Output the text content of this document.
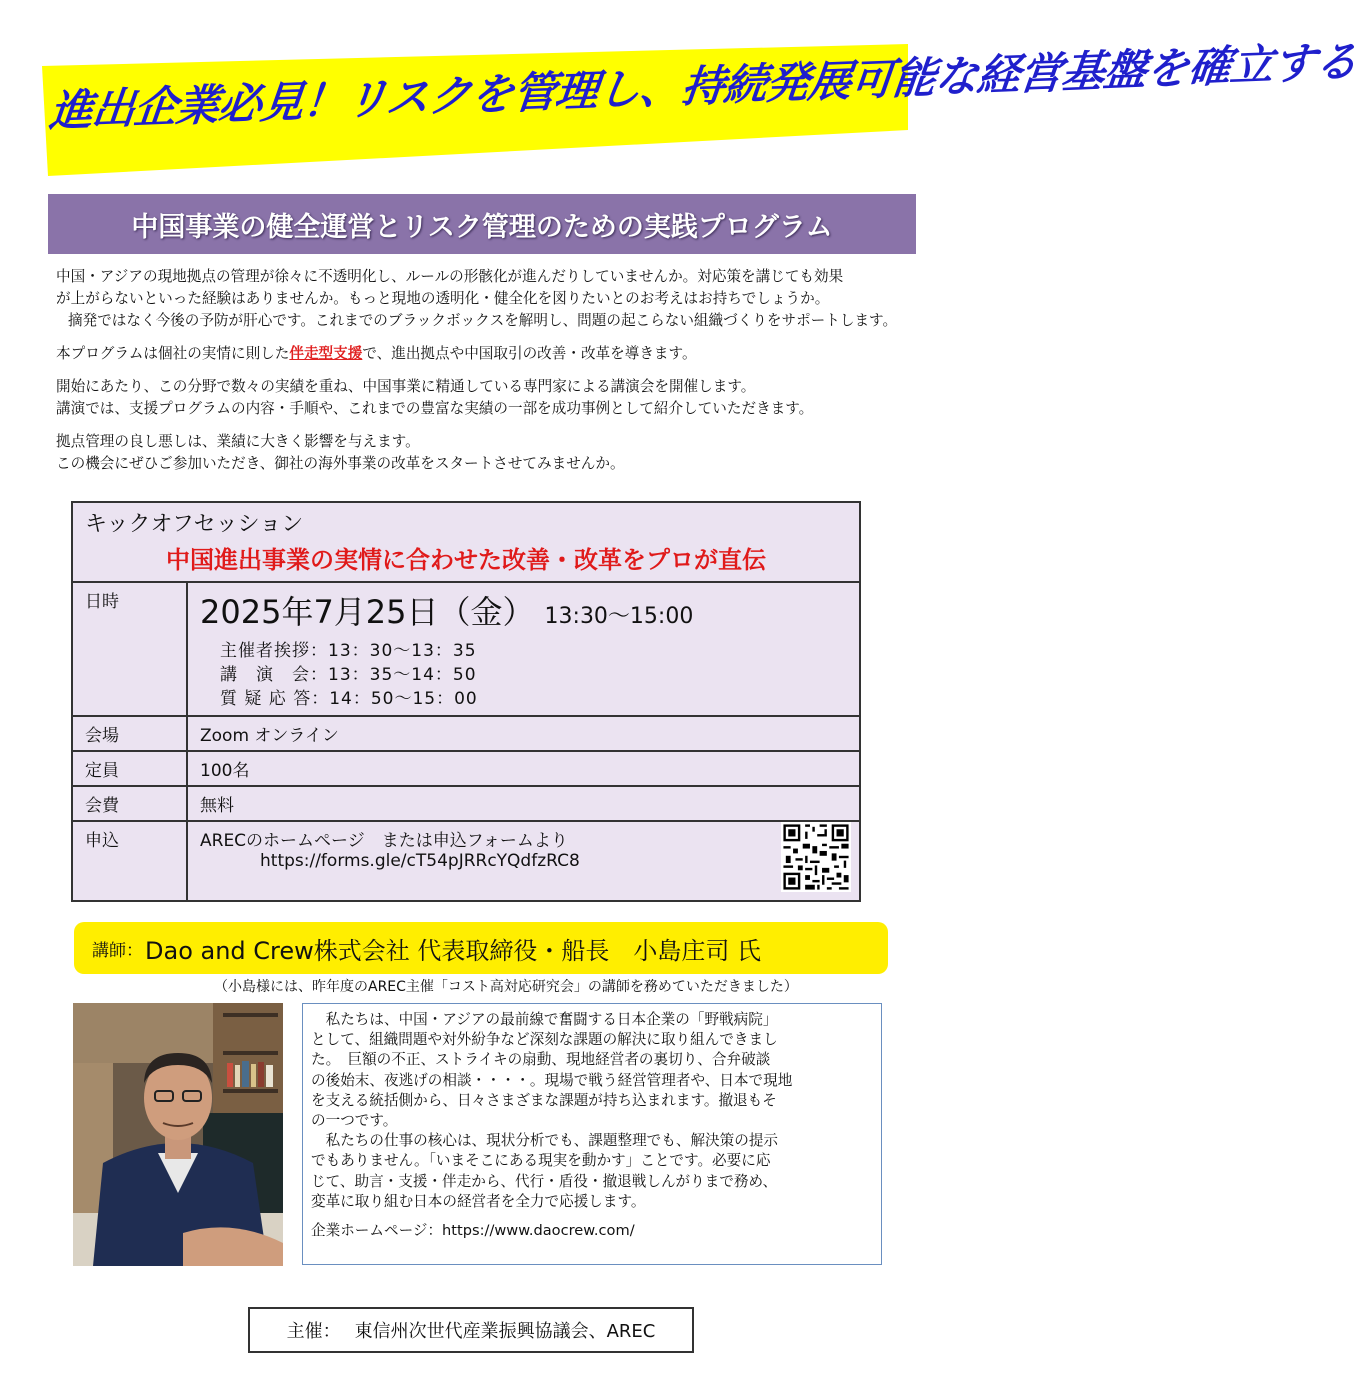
進出企業必見！リスクを管理し、持続発展可能な経営基盤を確立する
中国事業の健全運営とリスク管理のための実践プログラム

中国・アジアの現地拠点の管理が徐々に不透明化し、ルールの形骸化が進んだりしていませんか。対応策を講じても効果
が上がらないといった経験はありませんか。もっと現地の透明化・健全化を図りたいとのお考えはお持ちでしょうか。
摘発ではなく今後の予防が肝心です。これまでのブラックボックスを解明し、問題の起こらない組織づくりをサポートします。

本プログラムは個社の実情に則した伴走型支援で、進出拠点や中国取引の改善・改革を導きます。

開始にあたり、この分野で数々の実績を重ね、中国事業に精通している専門家による講演会を開催します。
講演では、支援プログラムの内容・手順や、これまでの豊富な実績の一部を成功事例として紹介していただきます。

拠点管理の良し悪しは、業績に大きく影響を与えます。
この機会にぜひご参加いただき、御社の海外事業の改革をスタートさせてみませんか。

キックオフセッション
中国進出事業の実情に合わせた改善・改革をプロが直伝	

日時	2025年7月25日（金） 13:30～15:00
主催者挨拶：13：30～13：35
講　演　会：13：35～14：50
質 疑 応 答：14：50～15：00

会場	Zoom オンライン
定員	100名
会費	無料
申込	ARECのホームページ　または申込フォームより
https://forms.gle/cT54pJRRcYQdfzRC8
講師： Dao and Crew株式会社 代表取締役・船長　小島庄司 氏
（小島様には、昨年度のAREC主催「コスト高対応研究会」の講師を務めていただきました）
　私たちは、中国・アジアの最前線で奮闘する日本企業の「野戦病院」
として、組織問題や対外紛争など深刻な課題の解決に取り組んできまし
た。　巨額の不正、ストライキの扇動、現地経営者の裏切り、合弁破談
の後始末、夜逃げの相談・・・・。現場で戦う経営管理者や、日本で現地
を支える統括側から、日々さまざまな課題が持ち込まれます。撤退もそ
の一つです。
　私たちの仕事の核心は、現状分析でも、課題整理でも、解決策の提示
でもありません。「いまそこにある現実を動かす」ことです。必要に応
じて、助言・支援・伴走から、代行・盾役・撤退戦しんがりまで務め、
変革に取り組む日本の経営者を全力で応援します。
企業ホームページ：https://www.daocrew.com/
主催： 東信州次世代産業振興協議会、AREC
